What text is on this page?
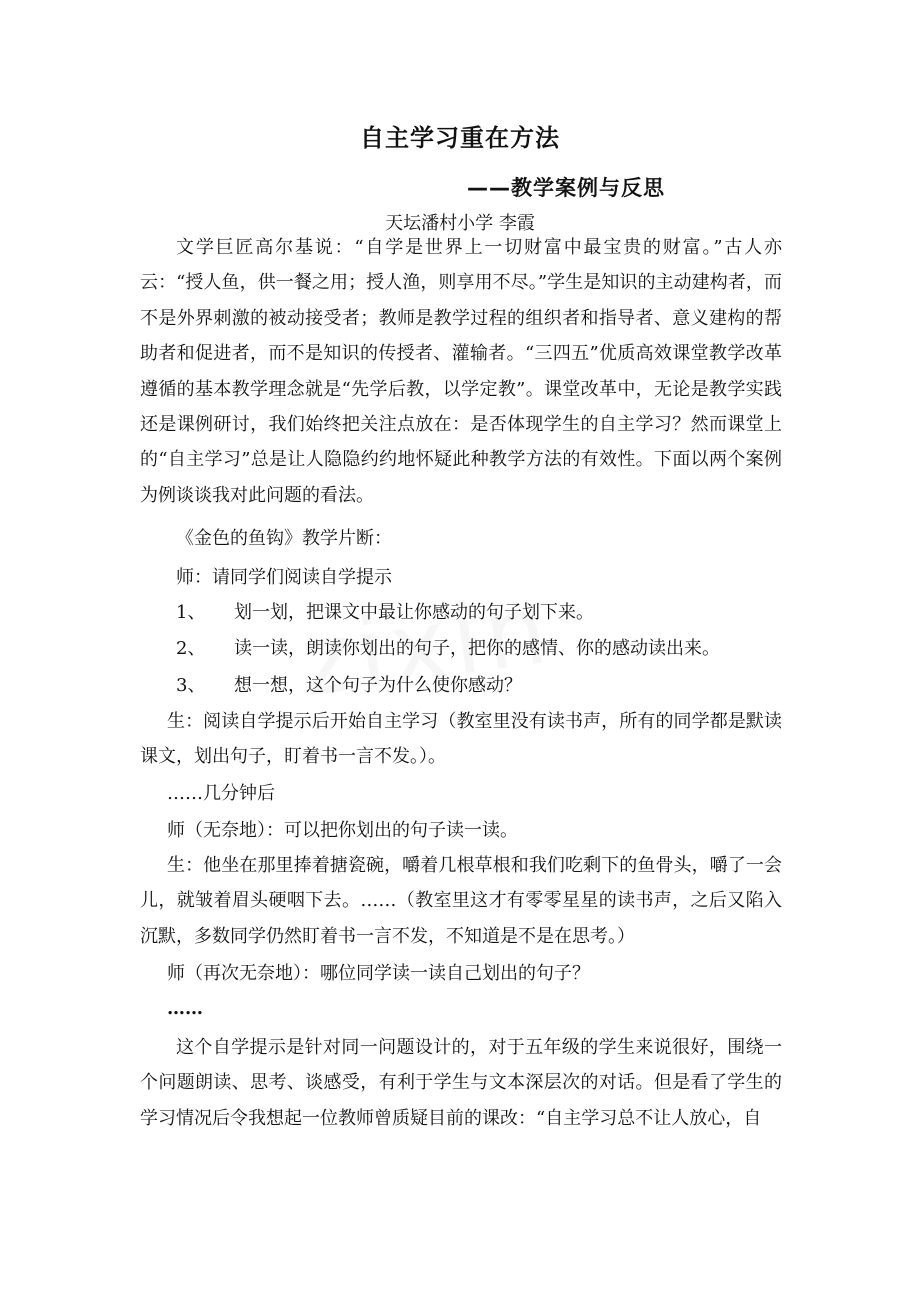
自主学习重在方法
——教学案例与反思
天坛潘村小学 李霞

文学巨匠高尔基说：“自学是世界上一切财富中最宝贵的财富。”古人亦云：“授人鱼，供一餐之用；授人渔，则享用不尽。”学生是知识的主动建构者，而不是外界刺激的被动接受者；教师是教学过程的组织者和指导者、意义建构的帮助者和促进者，而不是知识的传授者、灌输者。“三四五”优质高效课堂教学改革遵循的基本教学理念就是“先学后教，以学定教”。课堂改革中，无论是教学实践还是课例研讨，我们始终把关注点放在：是否体现学生的自主学习？然而课堂上的“自主学习”总是让人隐隐约约地怀疑此种教学方法的有效性。下面以两个案例为例谈谈我对此问题的看法。

《金色的鱼钩》教学片断：
师：请同学们阅读自学提示
1、 划一划，把课文中最让你感动的句子划下来。
2、 读一读，朗读你划出的句子，把你的感情、你的感动读出来。
3、 想一想，这个句子为什么使你感动？

生：阅读自学提示后开始自主学习（教室里没有读书声，所有的同学都是默读课文，划出句子，盯着书一言不发。）。

……几分钟后
师（无奈地）：可以把你划出的句子读一读。

生：他坐在那里捧着搪瓷碗，嚼着几根草根和我们吃剩下的鱼骨头，嚼了一会儿，就皱着眉头硬咽下去。……（教室里这才有零零星星的读书声，之后又陷入沉默，多数同学仍然盯着书一言不发，不知道是不是在思考。）

师（再次无奈地）：哪位同学读一读自己划出的句子？
……

这个自学提示是针对同一问题设计的，对于五年级的学生来说很好，围绕一个问题朗读、思考、谈感受，有利于学生与文本深层次的对话。但是看了学生的学习情况后令我想起一位教师曾质疑目前的课改：“自主学习总不让人放心，自
